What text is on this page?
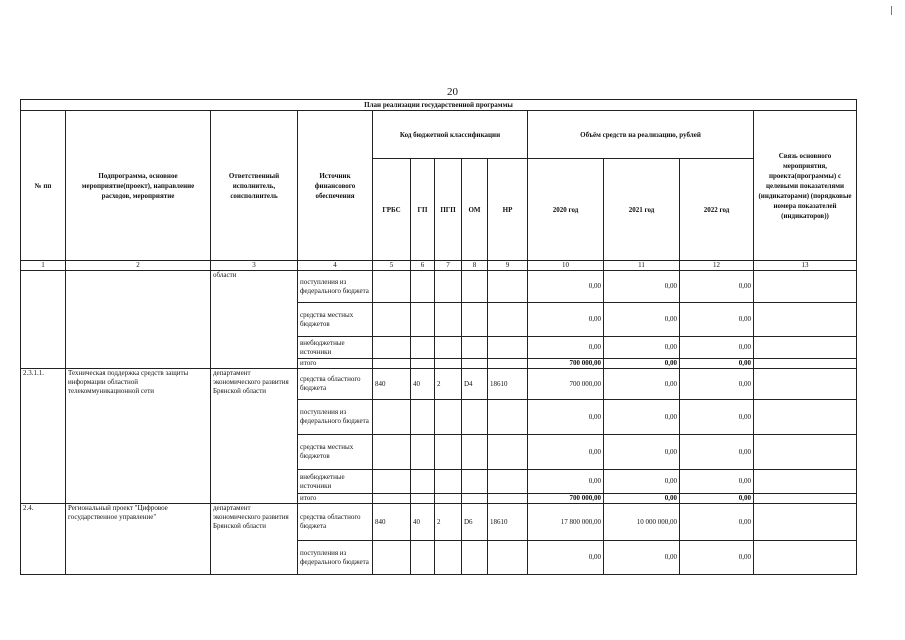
20
План реализации государственной программы												
№ пп	Подпрограмма, основное мероприятие(проект), направление расходов, мероприятие	Ответственный исполнитель, соисполнитель	Источник финансового обеспечения	Код бюджетной классификации					Объём средств на реализацию, рублей			Связь основного мероприятия, проекта(программы) с целевыми показателями (индикаторами) (порядковые номера показателей (индикаторов))
				ГРБС	ГП	ПГП	ОМ	НР	2020 год	2021 год	2022 год	
1	2	3	4	5	6	7	8	9	10	11	12	13
		области	поступления из федерального бюджета						0,00	0,00	0,00	
			средства местных бюджетов						0,00	0,00	0,00	
			внебюджетные источники						0,00	0,00	0,00	
			итого						700 000,00	0,00	0,00	
2.3.1.1.	Техническая поддержка средств защиты информации областной телекоммуникационной сети	департамент экономического развития Брянской области	средства областного бюджета	840	40	2	D4	18610	700 000,00	0,00	0,00	
			поступления из федерального бюджета						0,00	0,00	0,00	
			средства местных бюджетов						0,00	0,00	0,00	
			внебюджетные источники						0,00	0,00	0,00	
			итого						700 000,00	0,00	0,00	
2.4.	Региональный проект "Цифровое государственное управление"	департамент экономического развития Брянской области	средства областного бюджета	840	40	2	D6	18610	17 800 000,00	10 000 000,00	0,00	
			поступления из федерального бюджета						0,00	0,00	0,00	
